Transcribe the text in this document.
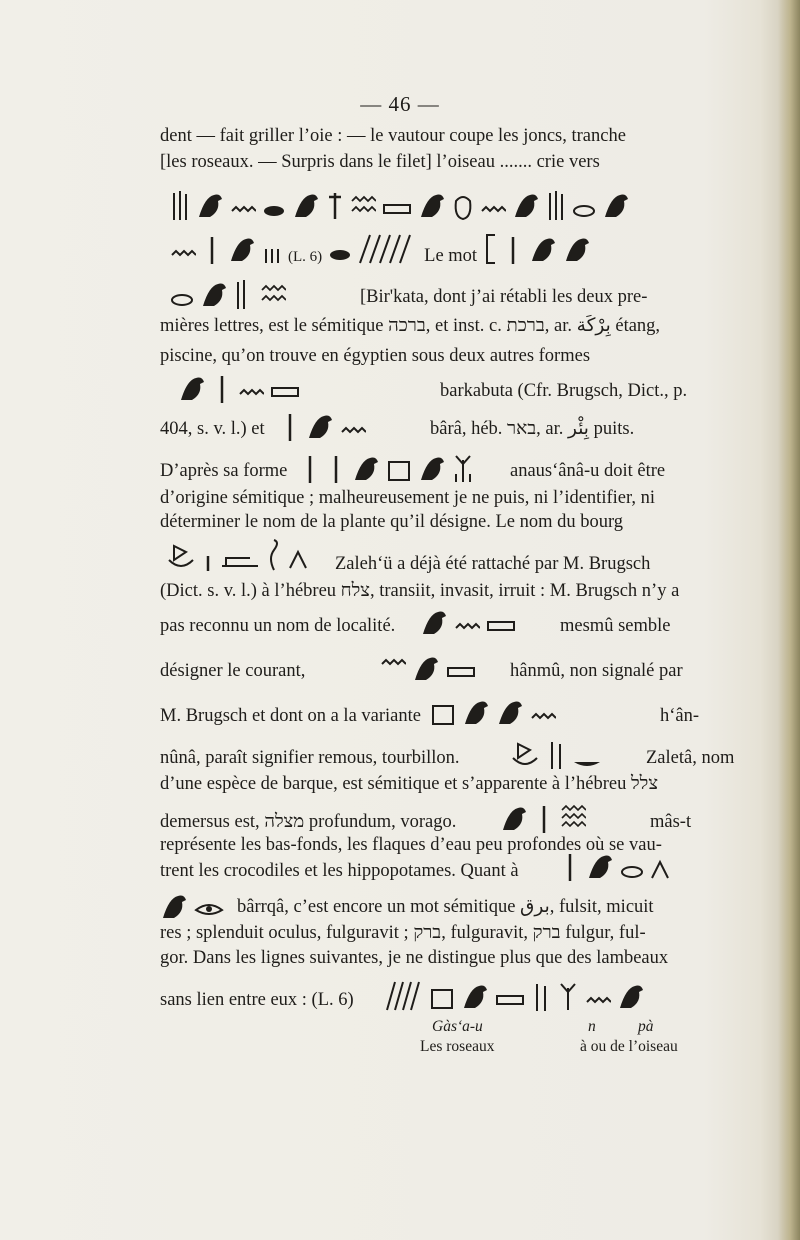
— 46 —
dent — fait griller l’oie : — le vautour coupe les joncs, tranche
[les roseaux. — Surpris dans le filet] l’oiseau ....... crie vers
(L. 6)	Le mot
[Bir'kata, dont j’ai rétabli les deux pre-
mières lettres, est le sémitique ברכה, et inst. c. ברכת, ar. بِرْكَة étang,
piscine, qu’on trouve en égyptien sous deux autres formes
barkabuta (Cfr. Brugsch, Dict., p.
404, s. v. l.) et	bârâ, héb. באר, ar. بِئْر puits.
D’après sa forme	anaus‘ânâ-u doit être
d’origine sémitique ; malheureusement je ne puis, ni l’identifier, ni
déterminer le nom de la plante qu’il désigne. Le nom du bourg
Zaleh‘ü a déjà été rattaché par M. Brugsch
(Dict. s. v. l.) à l’hébreu צלח, transiit, invasit, irruit : M. Brugsch n’y a
pas reconnu un nom de localité.	mesmû semble
désigner le courant,	hânmû, non signalé par
M. Brugsch et dont on a la variante	h‘ân-
nûnâ, paraît signifier remous, tourbillon.	Zaletâ, nom
d’une espèce de barque, est sémitique et s’apparente à l’hébreu צלל
demersus est, מצלה profundum, vorago.	mâs-t
représente les bas-fonds, les flaques d’eau peu profondes où se vau-
trent les crocodiles et les hippopotames. Quant à
bârrqâ, c’est encore un mot sémitique برق, fulsit, micuit
res ; splenduit oculus, fulguravit ; ברק, fulguravit, ברק fulgur, ful-
gor. Dans les lignes suivantes, je ne distingue plus que des lambeaux
sans lien entre eux : (L. 6)
Gàs‘a-u	n	pà
Les roseaux	à ou de l’oiseau
